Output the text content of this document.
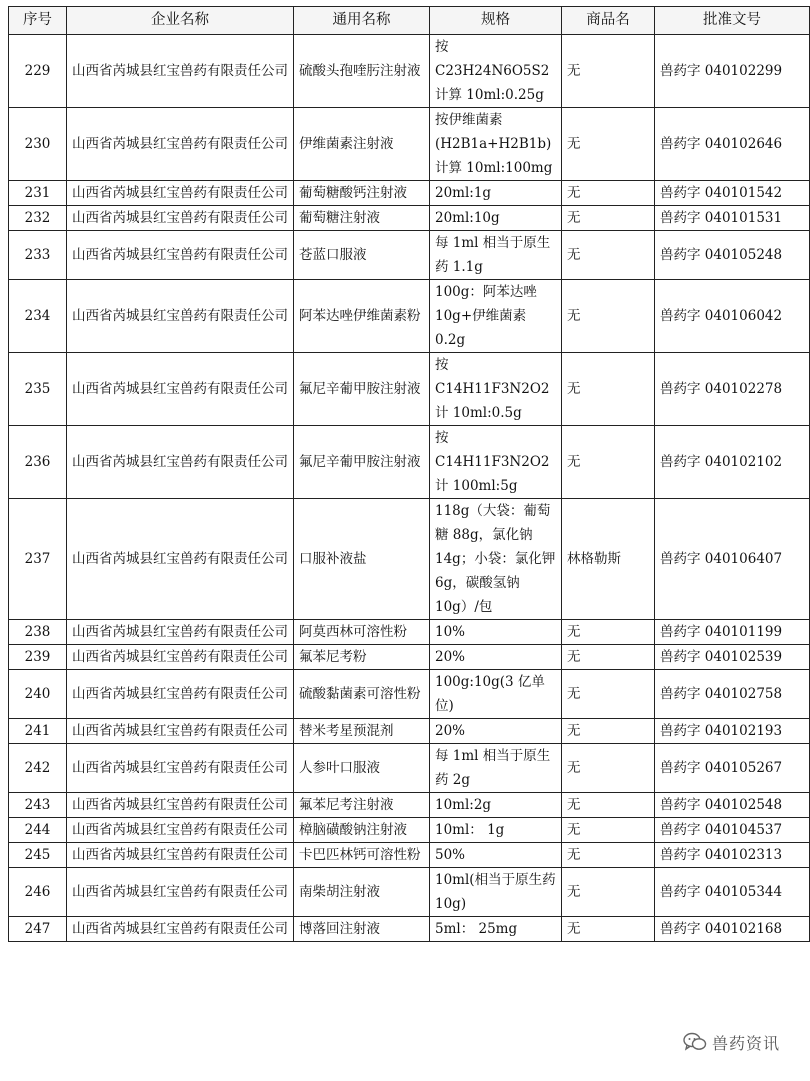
序号	企业名称	通用名称	规格	商品名	批准文号
229	山西省芮城县红宝兽药有限责任公司	硫酸头孢喹肟注射液	按 C23H24N6O5S2 计算 10ml:0.25g	无	兽药字 040102299
230	山西省芮城县红宝兽药有限责任公司	伊维菌素注射液	按伊维菌素 (H2B1a+H2B1b) 计算 10ml:100mg	无	兽药字 040102646
231	山西省芮城县红宝兽药有限责任公司	葡萄糖酸钙注射液	20ml:1g	无	兽药字 040101542
232	山西省芮城县红宝兽药有限责任公司	葡萄糖注射液	20ml:10g	无	兽药字 040101531
233	山西省芮城县红宝兽药有限责任公司	苍蓝口服液	每 1ml 相当于原生药 1.1g	无	兽药字 040105248
234	山西省芮城县红宝兽药有限责任公司	阿苯达唑伊维菌素粉	100g：阿苯达唑10g+伊维菌素0.2g	无	兽药字 040106042
235	山西省芮城县红宝兽药有限责任公司	氟尼辛葡甲胺注射液	按 C14H11F3N2O2 计 10ml:0.5g	无	兽药字 040102278
236	山西省芮城县红宝兽药有限责任公司	氟尼辛葡甲胺注射液	按 C14H11F3N2O2 计 100ml:5g	无	兽药字 040102102
237	山西省芮城县红宝兽药有限责任公司	口服补液盐	118g（大袋：葡萄糖 88g，氯化钠 14g；小袋：氯化钾 6g，碳酸氢钠 10g）/包	林格勒斯	兽药字 040106407
238	山西省芮城县红宝兽药有限责任公司	阿莫西林可溶性粉	10%	无	兽药字 040101199
239	山西省芮城县红宝兽药有限责任公司	氟苯尼考粉	20%	无	兽药字 040102539
240	山西省芮城县红宝兽药有限责任公司	硫酸黏菌素可溶性粉	100g:10g(3 亿单位)	无	兽药字 040102758
241	山西省芮城县红宝兽药有限责任公司	替米考星预混剂	20%	无	兽药字 040102193
242	山西省芮城县红宝兽药有限责任公司	人参叶口服液	每 1ml 相当于原生药 2g	无	兽药字 040105267
243	山西省芮城县红宝兽药有限责任公司	氟苯尼考注射液	10ml:2g	无	兽药字 040102548
244	山西省芮城县红宝兽药有限责任公司	樟脑磺酸钠注射液	10ml： 1g	无	兽药字 040104537
245	山西省芮城县红宝兽药有限责任公司	卡巴匹林钙可溶性粉	50%	无	兽药字 040102313
246	山西省芮城县红宝兽药有限责任公司	南柴胡注射液	10ml(相当于原生药 10g)	无	兽药字 040105344
247	山西省芮城县红宝兽药有限责任公司	博落回注射液	5ml： 25mg	无	兽药字 040102168
兽药资讯
